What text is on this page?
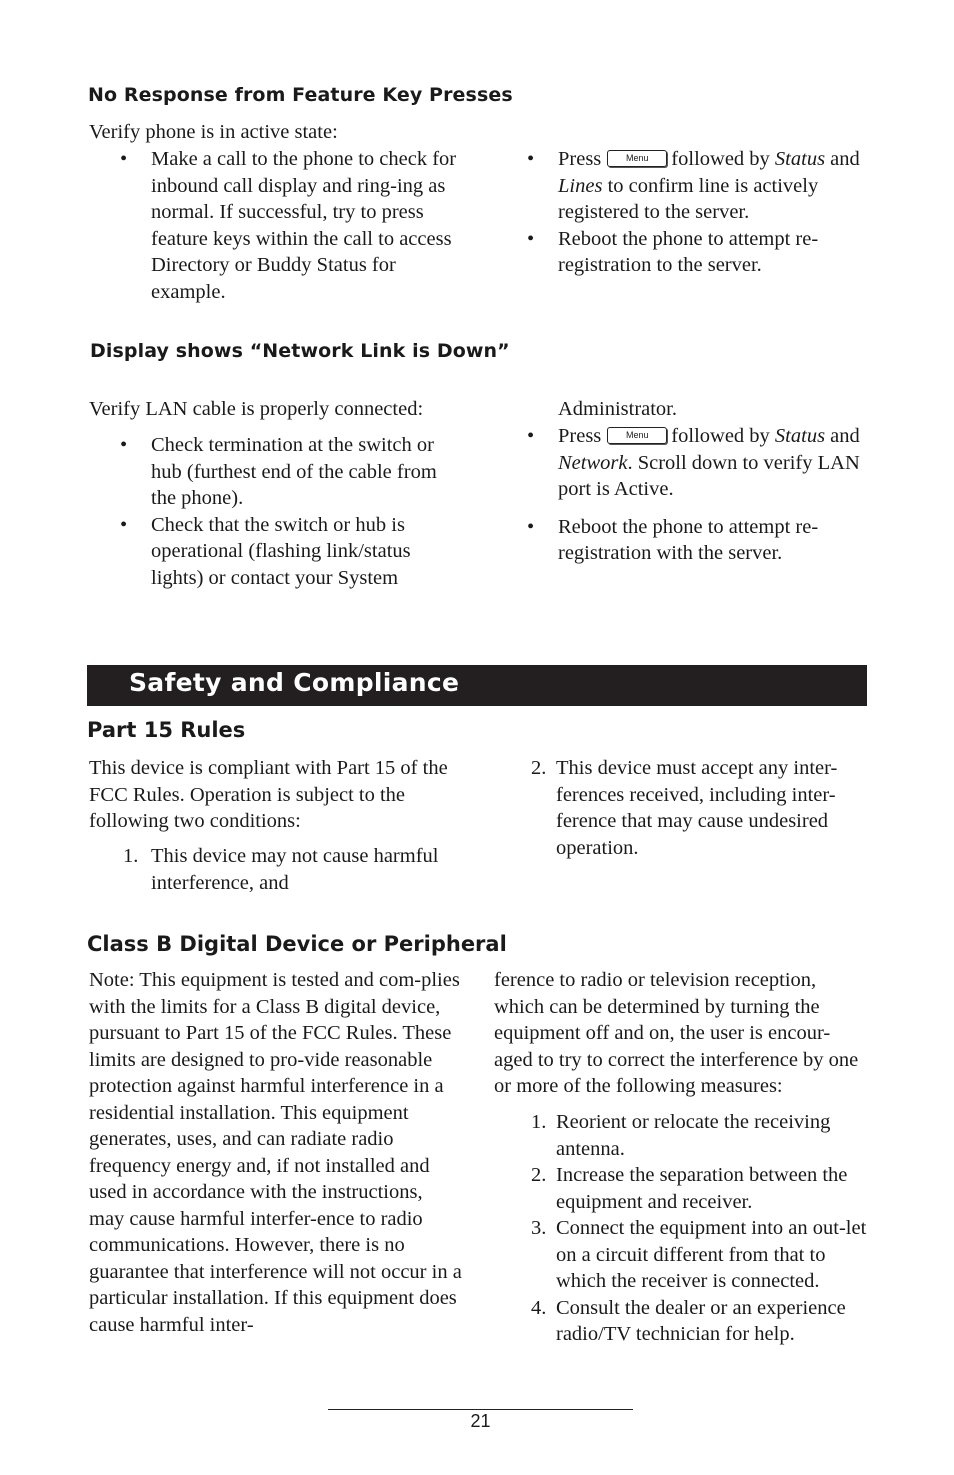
No Response from Feature Key Presses
Verify phone is in active state:
• Make a call to the phone to check for inbound call display and ring-ing as normal. If successful, try to press feature keys within the call to access Directory or Buddy Status for example.
• Press	Menu followed by Status and Lines to confirm line is actively registered to the server.
• Reboot the phone to attempt re-registration to the server.
Display shows “Network Link is Down”
Verify LAN cable is properly connected:
• Check termination at the switch or hub (furthest end of the cable from the phone).
• Check that the switch or hub is operational (flashing link/status lights) or contact your System
Administrator.
• Press	Menu followed by Status and Network. Scroll down to verify LAN port is Active.
• Reboot the phone to attempt re-registration with the server.
Safety and Compliance
Part 15 Rules
This device is compliant with Part 15 of the FCC Rules. Operation is subject to the following two conditions:
1. This device may not cause harmful interference, and
2. This device must accept any inter-ferences received, including inter-ference that may cause undesired operation.
Class B Digital Device or Peripheral
Note: This equipment is tested and com-plies with the limits for a Class B digital device, pursuant to Part 15 of the FCC Rules. These limits are designed to pro-vide reasonable protection against harmful interference in a residential installation. This equipment generates, uses, and can radiate radio frequency energy and, if not installed and used in accordance with the instructions, may cause harmful interfer-ence to radio communications. However, there is no guarantee that interference will not occur in a particular installation. If this equipment does cause harmful inter-
ference to radio or television reception, which can be determined by turning the equipment off and on, the user is encour-aged to try to correct the interference by one or more of the following measures:
1. Reorient or relocate the receiving antenna.
2. Increase the separation between the equipment and receiver.
3. Connect the equipment into an out-let on a circuit different from that to which the receiver is connected.
4. Consult the dealer or an experience radio/TV technician for help.
21
